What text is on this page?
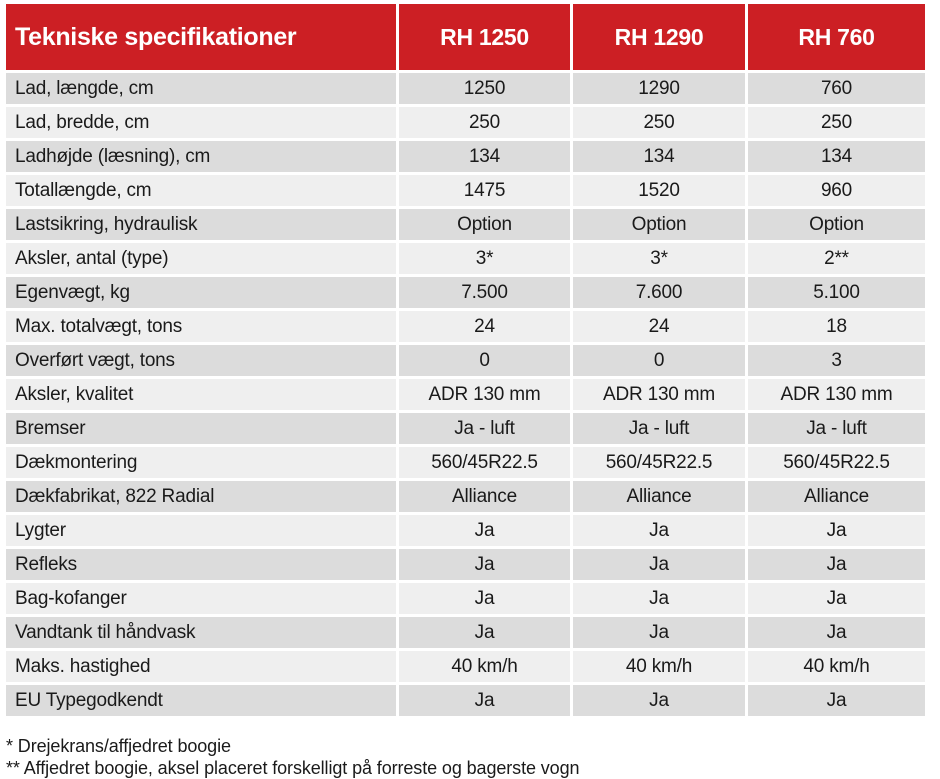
Tekniske specifikationer	RH 1250	RH 1290	RH 760
Lad, længde, cm	1250	1290	760
Lad, bredde, cm	250	250	250
Ladhøjde (læsning), cm	134	134	134
Totallængde, cm	1475	1520	960
Lastsikring, hydraulisk	Option	Option	Option
Aksler, antal (type)	3*	3*	2**
Egenvægt, kg	7.500	7.600	5.100
Max. totalvægt, tons	24	24	18
Overført vægt, tons	0	0	3
Aksler, kvalitet	ADR 130 mm	ADR 130 mm	ADR 130 mm
Bremser	Ja - luft	Ja - luft	Ja - luft
Dækmontering	560/45R22.5	560/45R22.5	560/45R22.5
Dækfabrikat, 822 Radial	Alliance	Alliance	Alliance
Lygter	Ja	Ja	Ja
Refleks	Ja	Ja	Ja
Bag-kofanger	Ja	Ja	Ja
Vandtank til håndvask	Ja	Ja	Ja
Maks. hastighed	40 km/h	40 km/h	40 km/h
EU Typegodkendt	Ja	Ja	Ja
* Drejekrans/affjedret boogie
** Affjedret boogie, aksel placeret forskelligt på forreste og bagerste vogn
